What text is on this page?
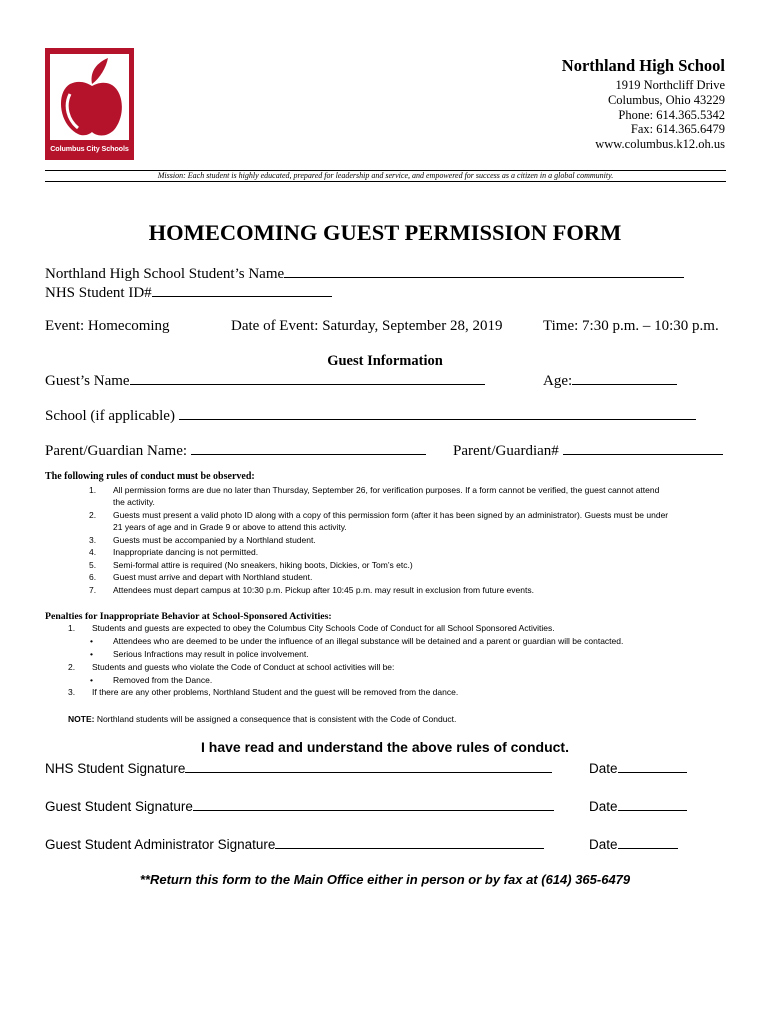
Columbus City Schools
Northland High School
1919 Northcliff Drive
Columbus, Ohio 43229
Phone: 614.365.5342
Fax: 614.365.6479
www.columbus.k12.oh.us
Mission: Each student is highly educated, prepared for leadership and service, and empowered for success as a citizen in a global community.
HOMECOMING GUEST PERMISSION FORM
Northland High School Student’s Name
NHS Student ID#
Event: Homecoming	Date of Event: Saturday, September 28, 2019	Time: 7:30 p.m. – 10:30 p.m.
Guest Information
Guest’s Name	Age:
School (if applicable)
Parent/Guardian Name:	Parent/Guardian#
The following rules of conduct must be observed:
1.	All permission forms are due no later than Thursday, September 26, for verification purposes. If a form cannot be verified, the guest cannot attend
the activity.
2.	Guests must present a valid photo ID along with a copy of this permission form (after it has been signed by an administrator). Guests must be under
21 years of age and in Grade 9 or above to attend this activity.
3.	Guests must be accompanied by a Northland student.
4.	Inappropriate dancing is not permitted.
5.	Semi-formal attire is required (No sneakers, hiking boots, Dickies, or Tom’s etc.)
6.	Guest must arrive and depart with Northland student.
7.	Attendees must depart campus at 10:30 p.m. Pickup after 10:45 p.m. may result in exclusion from future events.
Penalties for Inappropriate Behavior at School-Sponsored Activities:
1. Students and guests are expected to obey the Columbus City Schools Code of Conduct for all School Sponsored Activities.
• Attendees who are deemed to be under the influence of an illegal substance will be detained and a parent or guardian will be contacted.
• Serious Infractions may result in police involvement.
2. Students and guests who violate the Code of Conduct at school activities will be:
• Removed from the Dance.
3. If there are any other problems, Northland Student and the guest will be removed from the dance.
NOTE: Northland students will be assigned a consequence that is consistent with the Code of Conduct.
I have read and understand the above rules of conduct.
NHS Student Signature	Date
Guest Student Signature	Date
Guest Student Administrator Signature	Date
**Return this form to the Main Office either in person or by fax at (614) 365-6479
